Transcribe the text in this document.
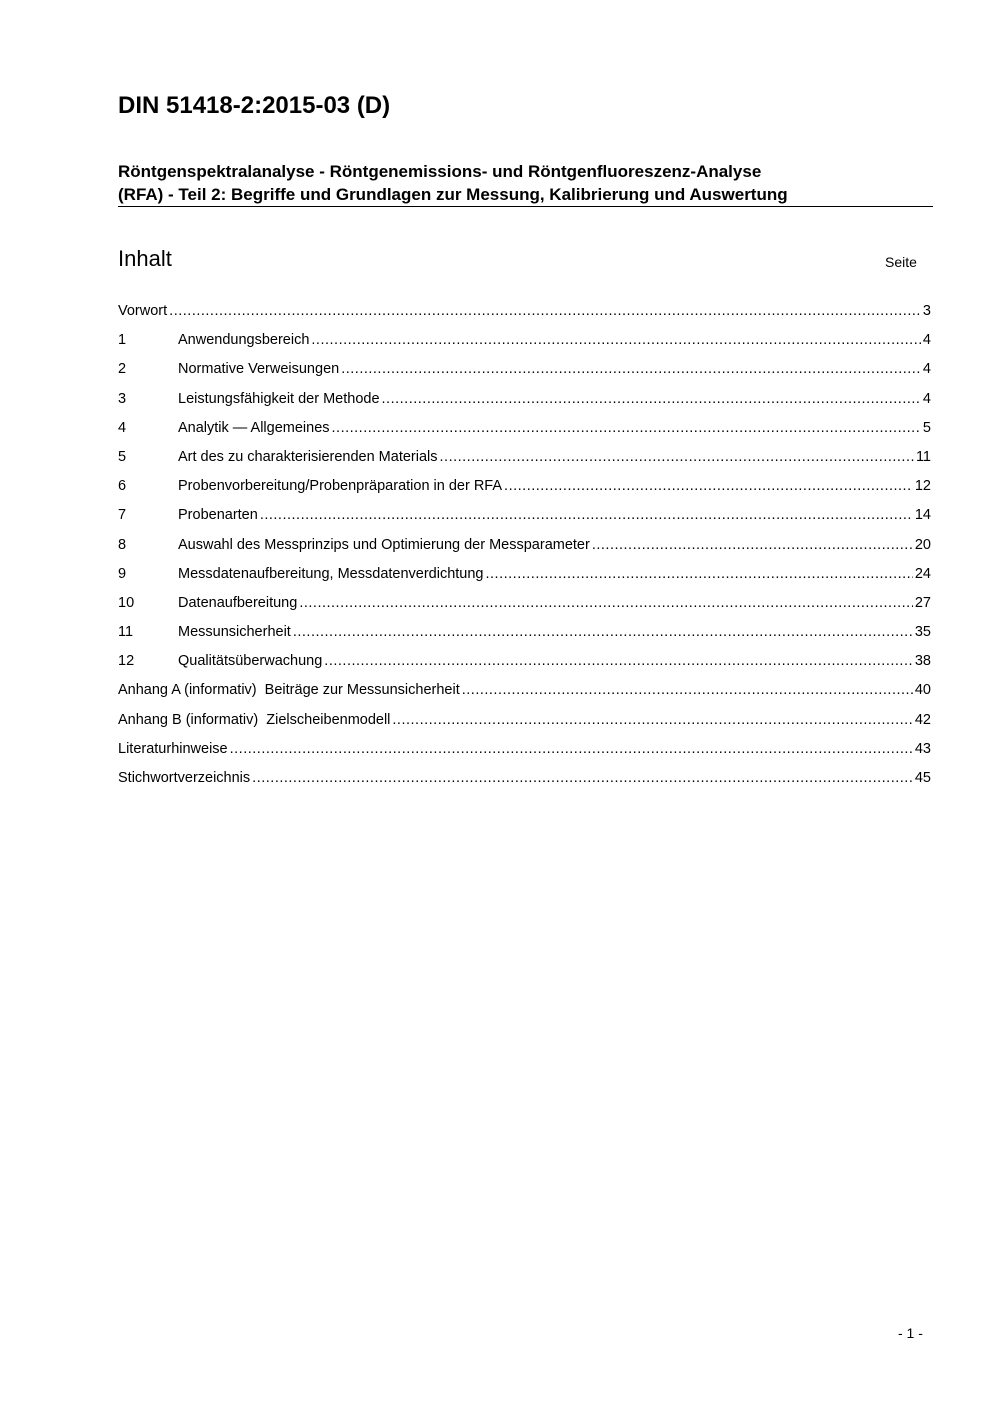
DIN 51418-2:2015-03 (D)
Röntgenspektralanalyse - Röntgenemissions- und Röntgenfluoreszenz-Analyse
(RFA) - Teil 2: Begriffe und Grundlagen zur Messung, Kalibrierung und Auswertung
Inhalt	Seite
Vorwort .....	3
1	Anwendungsbereich .....	4
2	Normative Verweisungen .....	4
3	Leistungsfähigkeit der Methode .....	4
4	Analytik — Allgemeines .....	5
5	Art des zu charakterisierenden Materials .....	11
6	Probenvorbereitung/Probenpräparation in der RFA .....	12
7	Probenarten .....	14
8	Auswahl des Messprinzips und Optimierung der Messparameter .....	20
9	Messdatenaufbereitung, Messdatenverdichtung .....	24
10	Datenaufbereitung .....	27
11	Messunsicherheit .....	35
12	Qualitätsüberwachung .....	38
Anhang A (informativ)  Beiträge zur Messunsicherheit .....	40
Anhang B (informativ)  Zielscheibenmodell .....	42
Literaturhinweise .....	43
Stichwortverzeichnis .....	45
- 1 -
